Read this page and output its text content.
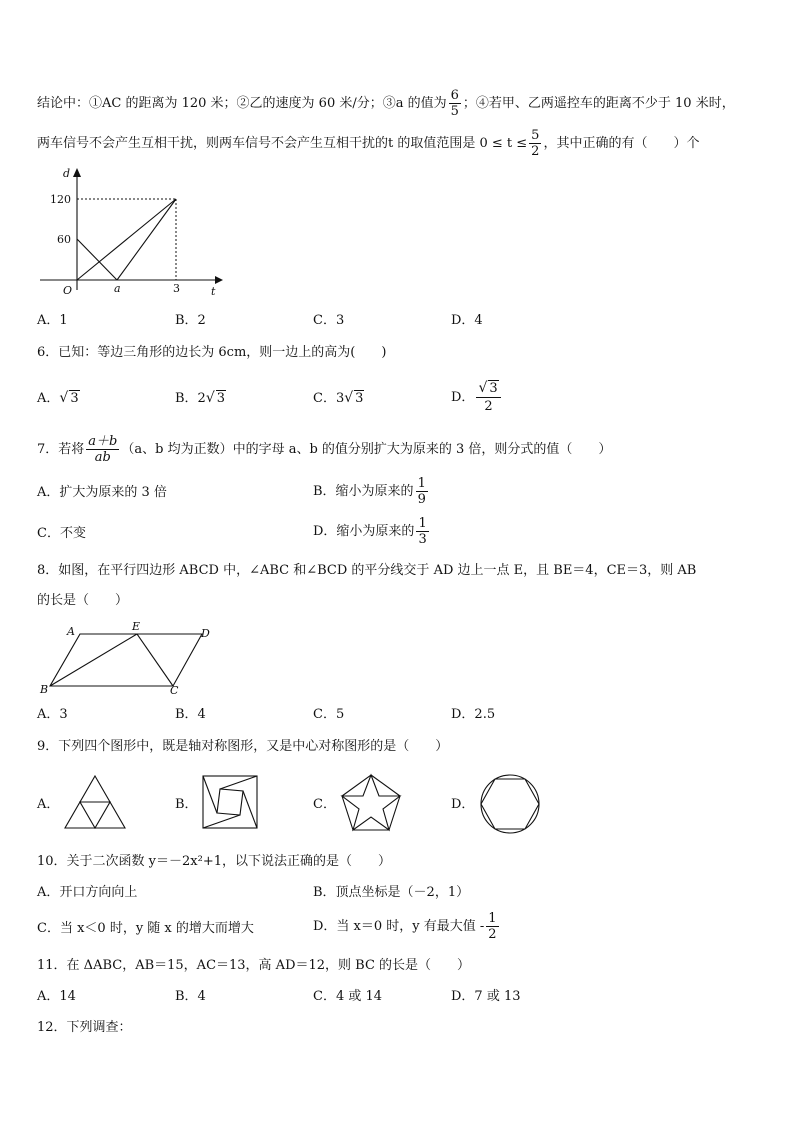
结论中：①AC 的距离为 120 米；②乙的速度为 60 米/分；③a 的值为 $\frac{6}{5}$ ；④若甲、乙两遥控车的距离不少于 10 米时，
两车信号不会产生互相干扰，则两车信号不会产生互相干扰的t 的取值范围是 $0 \le t \le \frac{5}{2}$ ，其中正确的有（　　）个
d
120
60
O	a	3	t
A．1	B．2	C．3	D．4
6．已知：等边三角形的边长为 6cm，则一边上的高为(　　)
A．√ 3	B．2√ 3	C．3√ 3	D． $\frac{√ 3}{2}$
7．若将 $\frac{a+b}{ab} (a$、b 均为正数）中的字母 a、b 的值分别扩大为原来的 3 倍，则分式的值（　　）
A．扩大为原来的 3 倍	B．缩小为原来的 $\frac{1}{9}$
C．不变	D．缩小为原来的 $\frac{1}{3}$
8．如图，在平行四边形 ABCD 中，∠ABC 和∠BCD 的平分线交于 AD 边上一点 E，且 BE＝4，CE＝3，则 AB
的长是（　　）
A	E
D
B	C
A．3	B．4	C．5	D．2.5
9．下列四个图形中，既是轴对称图形，又是中心对称图形的是（　　）
A．	B．	C．	D．
10．关于二次函数 y＝－2x²+1，以下说法正确的是（　　）
A．开口方向向上	B．顶点坐标是（－2，1）
C．当 x＜0 时，y 随 x 的增大而增大	D．当 x＝0 时，y 有最大值 - $\frac{1}{2}$
11．在 ΔABC，AB＝15，AC＝13，高 AD＝12，则 BC 的长是（　　）
A．14	B．4	C．4 或 14	D．7 或 13
12．下列调查：
